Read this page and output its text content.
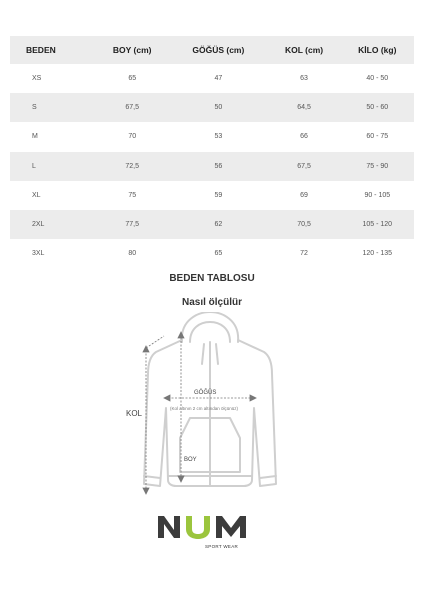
BEDEN	BOY (cm)	GÖĞÜS (cm)	KOL (cm)	KİLO (kg)
XS	65	47	63	40 - 50
S	67,5	50	64,5	50 - 60
M	70	53	66	60 - 75
L	72,5	56	67,5	75 - 90
XL	75	59	69	90 - 105
2XL	77,5	62	70,5	105 - 120
3XL	80	65	72	120 - 135
BEDEN TABLOSU
Nasıl ölçülür
KOL
GÖĞÜS
(Kol altının 2 cm altından ölçünüz)
BOY
SPORT WEAR
